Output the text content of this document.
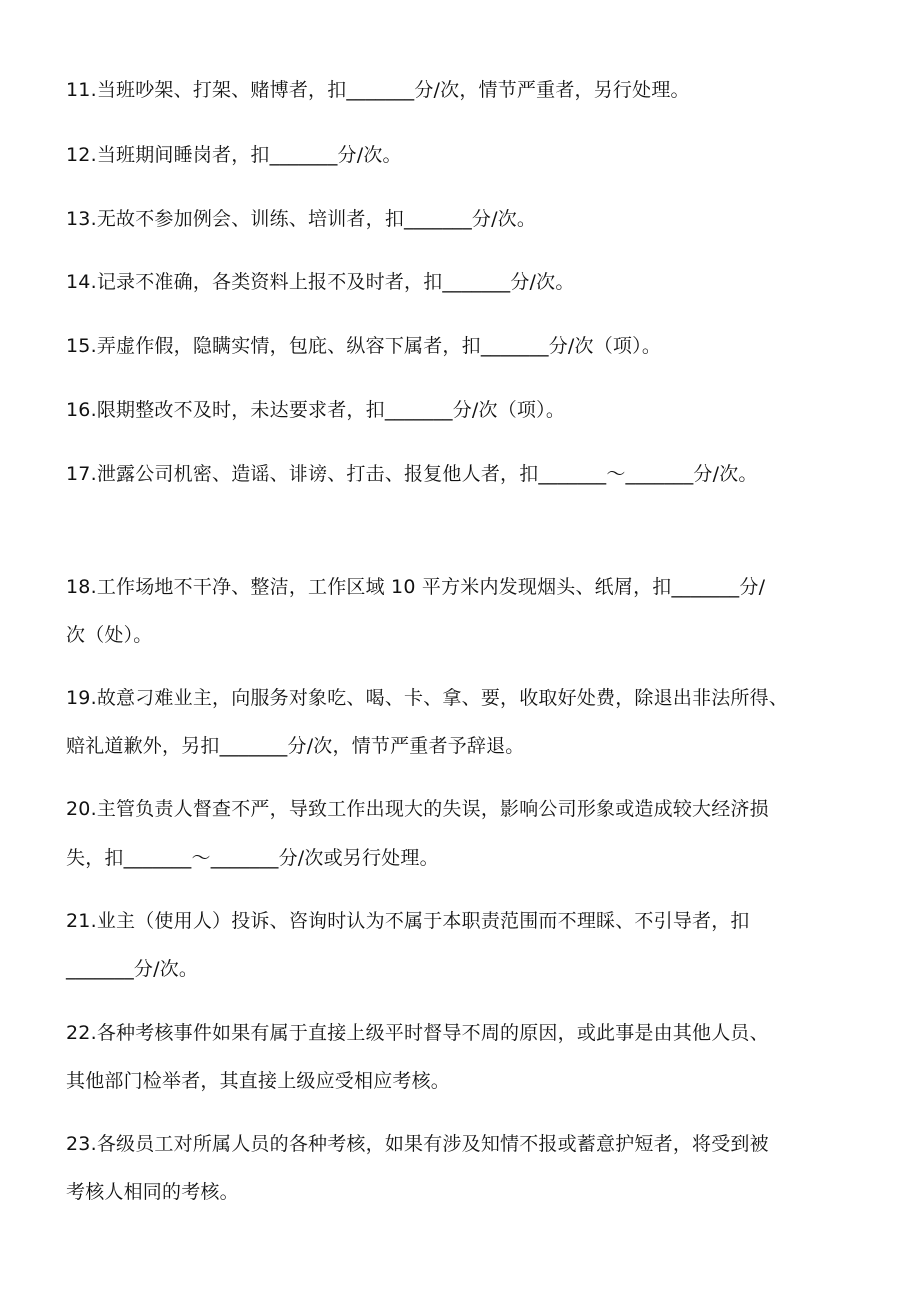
11.当班吵架、打架、赌博者，扣_______分/次，情节严重者，另行处理。
12.当班期间睡岗者，扣_______分/次。
13.无故不参加例会、训练、培训者，扣_______分/次。
14.记录不准确，各类资料上报不及时者，扣_______分/次。
15.弄虚作假，隐瞒实情，包庇、纵容下属者，扣_______分/次（项）。
16.限期整改不及时，未达要求者，扣_______分/次（项）。
17.泄露公司机密、造谣、诽谤、打击、报复他人者，扣_______～_______分/次。
18.工作场地不干净、整洁，工作区域 10 平方米内发现烟头、纸屑，扣_______分/
次（处）。
19.故意刁难业主，向服务对象吃、喝、卡、拿、要，收取好处费，除退出非法所得、
赔礼道歉外，另扣_______分/次，情节严重者予辞退。
20.主管负责人督查不严，导致工作出现大的失误，影响公司形象或造成较大经济损
失，扣_______～_______分/次或另行处理。
21.业主（使用人）投诉、咨询时认为不属于本职责范围而不理睬、不引导者，扣
_______分/次。
22.各种考核事件如果有属于直接上级平时督导不周的原因，或此事是由其他人员、
其他部门检举者，其直接上级应受相应考核。
23.各级员工对所属人员的各种考核，如果有涉及知情不报或蓄意护短者，将受到被
考核人相同的考核。
